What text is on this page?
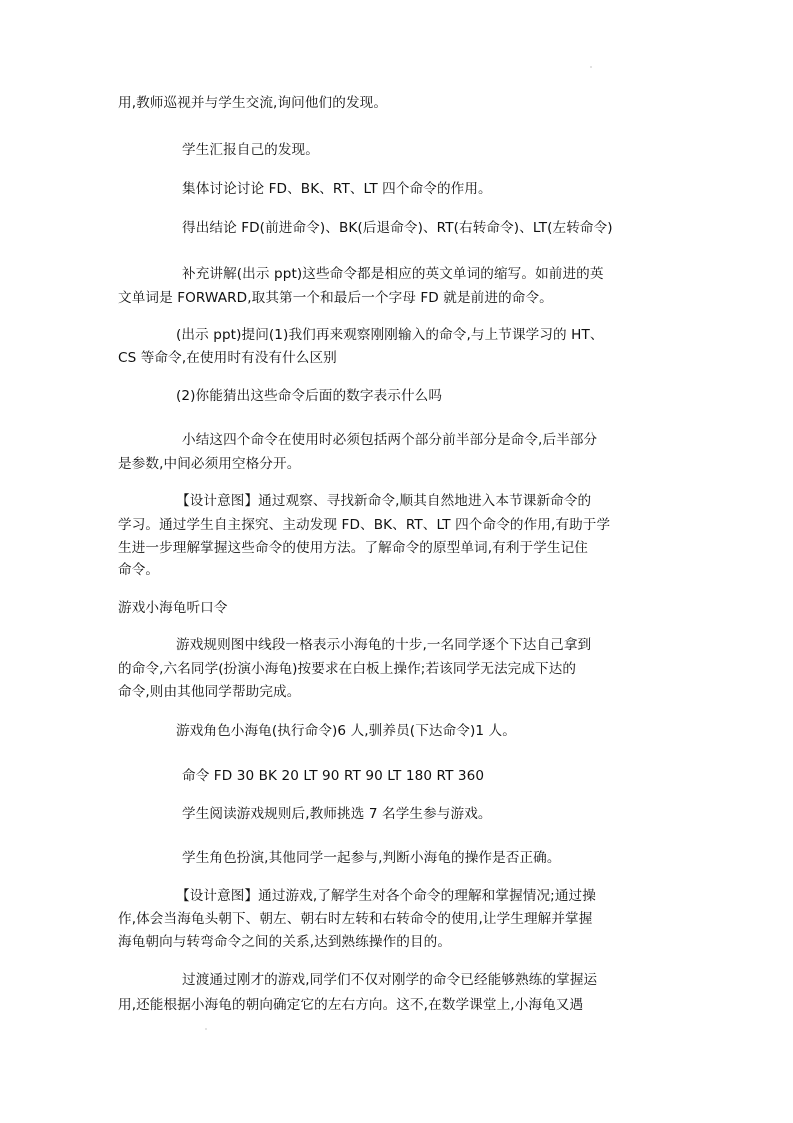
用,教师巡视并与学生交流,询问他们的发现。
学生汇报自己的发现。
集体讨论讨论 FD、BK、RT、LT 四个命令的作用。
得出结论 FD(前进命令)、BK(后退命令)、RT(右转命令)、LT(左转命令)
补充讲解(出示 ppt)这些命令都是相应的英文单词的缩写。如前进的英
文单词是 FORWARD,取其第一个和最后一个字母 FD 就是前进的命令。
(出示 ppt)提问(1)我们再来观察刚刚输入的命令,与上节课学习的 HT、
CS 等命令,在使用时有没有什么区别
(2)你能猜出这些命令后面的数字表示什么吗
小结这四个命令在使用时必须包括两个部分前半部分是命令,后半部分
是参数,中间必须用空格分开。
【设计意图】通过观察、寻找新命令,顺其自然地进入本节课新命令的
学习。通过学生自主探究、主动发现 FD、BK、RT、LT 四个命令的作用,有助于学
生进一步理解掌握这些命令的使用方法。了解命令的原型单词,有利于学生记住
命令。
游戏小海龟听口令
游戏规则图中线段一格表示小海龟的十步,一名同学逐个下达自己拿到
的命令,六名同学(扮演小海龟)按要求在白板上操作;若该同学无法完成下达的
命令,则由其他同学帮助完成。
游戏角色小海龟(执行命令)6 人,驯养员(下达命令)1 人。
命令 FD 30 BK 20 LT 90 RT 90 LT 180 RT 360
学生阅读游戏规则后,教师挑选 7 名学生参与游戏。
学生角色扮演,其他同学一起参与,判断小海龟的操作是否正确。
【设计意图】通过游戏,了解学生对各个命令的理解和掌握情况;通过操
作,体会当海龟头朝下、朝左、朝右时左转和右转命令的使用,让学生理解并掌握
海龟朝向与转弯命令之间的关系,达到熟练操作的目的。
过渡通过刚才的游戏,同学们不仅对刚学的命令已经能够熟练的掌握运
用,还能根据小海龟的朝向确定它的左右方向。这不,在数学课堂上,小海龟又遇
